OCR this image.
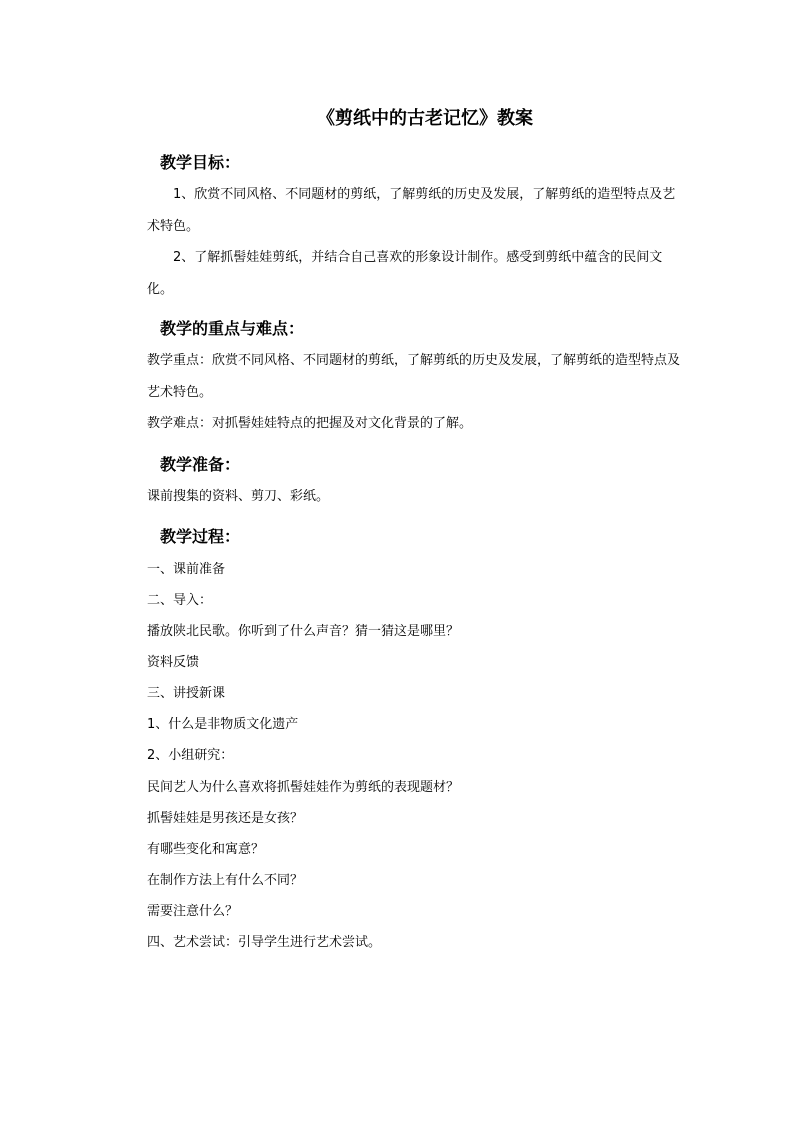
《剪纸中的古老记忆》教案
教学目标：
1、欣赏不同风格、不同题材的剪纸，了解剪纸的历史及发展，了解剪纸的造型特点及艺术特色。
2、了解抓髻娃娃剪纸，并结合自己喜欢的形象设计制作。感受到剪纸中蕴含的民间文化。
教学的重点与难点：
教学重点：欣赏不同风格、不同题材的剪纸，了解剪纸的历史及发展，了解剪纸的造型特点及艺术特色。
教学难点：对抓髻娃娃特点的把握及对文化背景的了解。
教学准备：
课前搜集的资料、剪刀、彩纸。
教学过程：
一、课前准备
二、导入：
播放陕北民歌。你听到了什么声音？猜一猜这是哪里？
资料反馈
三、讲授新课
1、什么是非物质文化遗产
2、小组研究：
民间艺人为什么喜欢将抓髻娃娃作为剪纸的表现题材？
抓髻娃娃是男孩还是女孩？
有哪些变化和寓意？
在制作方法上有什么不同？
需要注意什么？
四、艺术尝试：引导学生进行艺术尝试。
